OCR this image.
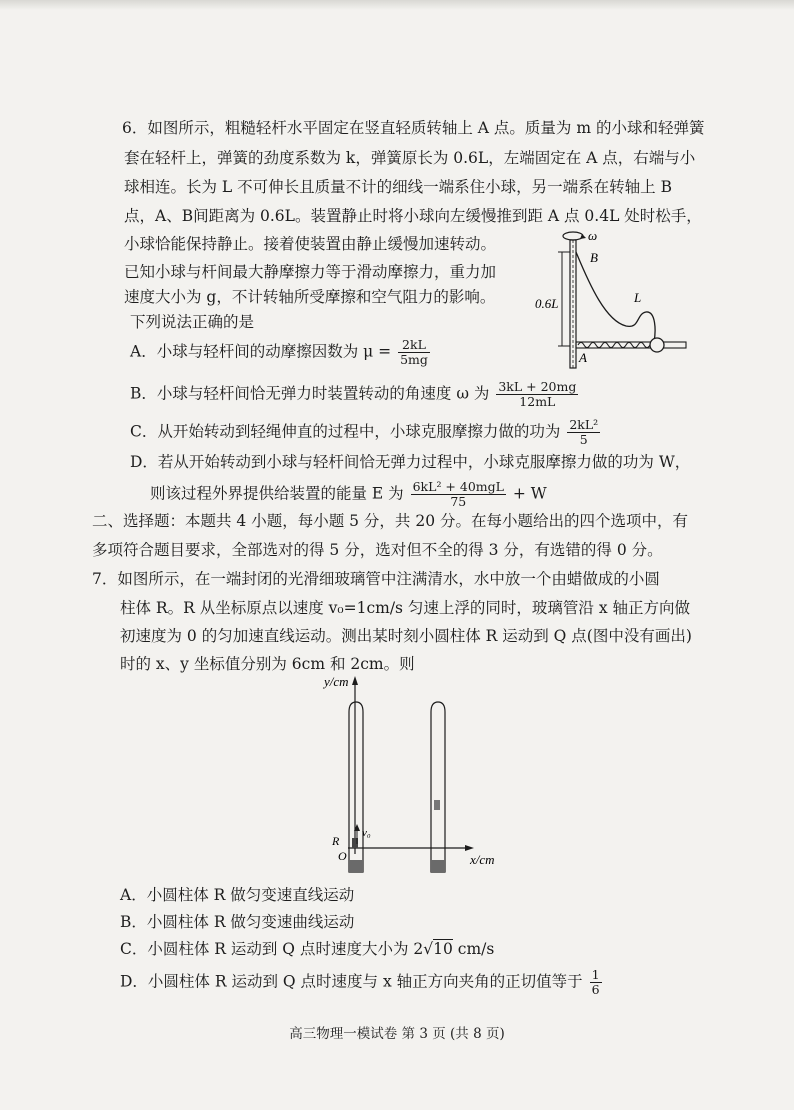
6．如图所示，粗糙轻杆水平固定在竖直轻质转轴上 A 点。质量为 m 的小球和轻弹簧
套在轻杆上，弹簧的劲度系数为 k，弹簧原长为 0.6L，左端固定在 A 点，右端与小
球相连。长为 L 不可伸长且质量不计的细线一端系住小球，另一端系在转轴上 B
点，A、B间距离为 0.6L。装置静止时将小球向左缓慢推到距 A 点 0.4L 处时松手，
小球恰能保持静止。接着使装置由静止缓慢加速转动。
已知小球与杆间最大静摩擦力等于滑动摩擦力，重力加
速度大小为 g，不计转轴所受摩擦和空气阻力的影响。
下列说法正确的是
A．小球与轻杆间的动摩擦因数为 $\mu = \frac{2kL}{5mg}$
B．小球与轻杆间恰无弹力时装置转动的角速度 ω 为 $\frac{3kL + 20mg}{12mL}$
C．从开始转动到轻绳伸直的过程中，小球克服摩擦力做的功为 $\frac{\text{2kL²}}{5}$
D．若从开始转动到小球与轻杆间恰无弹力过程中，小球克服摩擦力做的功为 W，
则该过程外界提供给装置的能量 E 为 $\frac{\text{6kL² + 40mgL}}{75} + W$
ω
B
0.6L	L
A
二、选择题：本题共 4 小题，每小题 5 分，共 20 分。在每小题给出的四个选项中，有
多项符合题目要求，全部选对的得 5 分，选对但不全的得 3 分，有选错的得 0 分。
7．如图所示，在一端封闭的光滑细玻璃管中注满清水，水中放一个由蜡做成的小圆
柱体 R。R 从坐标原点以速度 v₀=1cm/s 匀速上浮的同时，玻璃管沿 x 轴正方向做
初速度为 0 的匀加速直线运动。测出某时刻小圆柱体 R 运动到 Q 点(图中没有画出)
时的 x、y 坐标值分别为 6cm 和 2cm。则
y/cm
x/cm
v₀
R
O
A．小圆柱体 R 做匀变速直线运动
B．小圆柱体 R 做匀变速曲线运动
C．小圆柱体 R 运动到 Q 点时速度大小为 2√10 cm/s
D．小圆柱体 R 运动到 Q 点时速度与 x 轴正方向夹角的正切值等于 $\frac{1}{6}$
高三物理一模试卷 第 3 页 (共 8 页)
